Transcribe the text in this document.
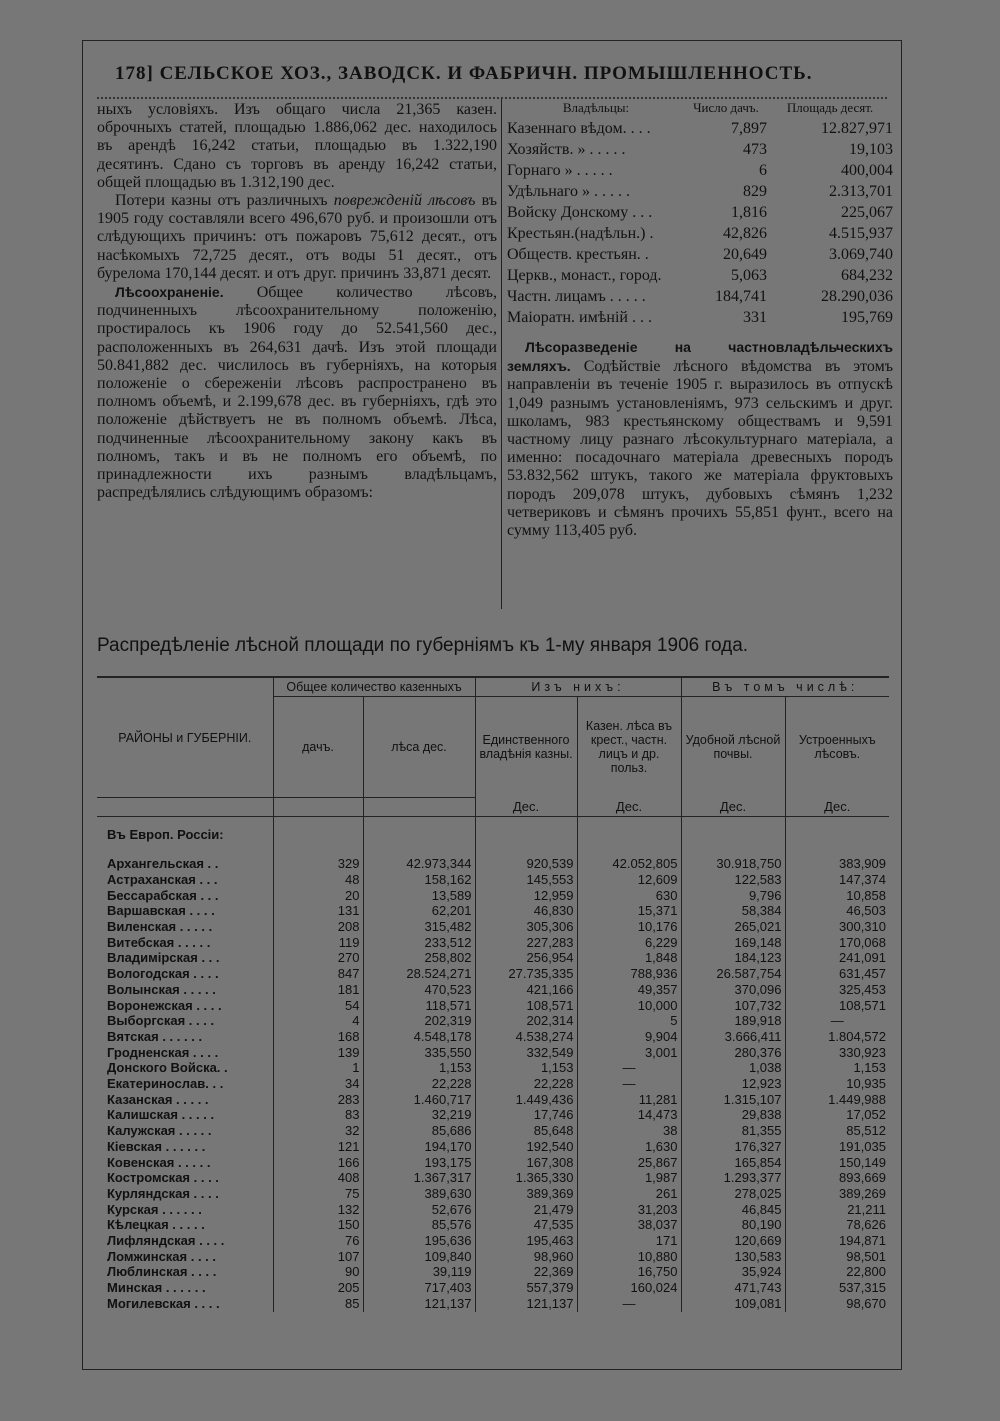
178] СЕЛЬСКОЕ ХОЗ., ЗАВОДСК. И ФАБРИЧН. ПРОМЫШЛЕННОСТЬ.

ныхъ условіяхъ. Изъ общаго числа 21,365 казен. оброчныхъ статей, площадью 1.886,062 дес. находилось въ арендѣ 16,242 статьи, площадью въ 1.322,190 десятинъ. Сдано съ торговъ въ аренду 16,242 статьи, общей площадью въ 1.312,190 дес.

Потери казны отъ различныхъ поврежденій лѣсовъ въ 1905 году составляли всего 496,670 руб. и произошли отъ слѣдующихъ причинъ: отъ пожаровъ 75,612 десят., отъ насѣкомыхъ 72,725 десят., отъ воды 51 десят., отъ бурелома 170,144 десят. и отъ друг. причинъ 33,871 десят.

Лѣсоохраненіе. Общее количество лѣсовъ, подчиненныхъ лѣсоохранительному положенію, простиралось къ 1906 году до 52.541,560 дес., расположенныхъ въ 264,631 дачѣ. Изъ этой площади 50.841,882 дес. числилось въ губерніяхъ, на которыя положеніе о сбереженіи лѣсовъ распространено въ полномъ объемѣ, и 2.199,678 дес. въ губерніяхъ, гдѣ это положеніе дѣйствуетъ не въ полномъ объемѣ. Лѣса, подчиненные лѣсоохранительному закону какъ въ полномъ, такъ и въ не полномъ его объемѣ, по принадлежности ихъ разнымъ владѣльцамъ, распредѣлялись слѣдующимъ образомъ:

Владѣльцы:	Число дачъ.	Площадь десят.
Казеннаго вѣдом. . . .	7,897	12.827,971
Хозяйств. » . . . . .	473	19,103
Горнаго » . . . . .	6	400,004
Удѣльнаго » . . . . .	829	2.313,701
Войску Донскому . . .	1,816	225,067
Крестьян.(надѣльн.) .	42,826	4.515,937
Обществ. крестьян. .	20,649	3.069,740
Церкв., монаст., город.	5,063	684,232
Частн. лицамъ . . . . .	184,741	28.290,036
Маіоратн. имѣній . . .	331	195,769

Лѣсоразведеніе на частновладѣльческихъ земляхъ. Содѣйствіе лѣсного вѣдомства въ этомъ направленіи въ теченіе 1905 г. выразилось въ отпускѣ 1,049 разнымъ установленіямъ, 973 сельскимъ и друг. школамъ, 983 крестьянскому обществамъ и 9,591 частному лицу разнаго лѣсокультурнаго матеріала, а именно: посадочнаго матеріала древесныхъ породъ 53.832,562 штукъ, такого же матеріала фруктовыхъ породъ 209,078 штукъ, дубовыхъ сѣмянъ 1,232 четвериковъ и сѣмянъ прочихъ 55,851 фунт., всего на сумму 113,405 руб.

Распредѣленіе лѣсной площади по губерніямъ къ 1-му января 1906 года.
РАЙОНЫ и ГУБЕРНІИ.	Общее количество казенныхъ		Изъ нихъ:		Въ томъ числѣ:	
	дачъ.	лѣса дес.	Единственного владѣнія казны.	Казен. лѣса въ крест., частн. лицъ и др. польз.	Удобной лѣсной почвы.	Устроенныхъ лѣсовъ.
			Дес.	Дес.	Дес.	Дес.
Въ Европ. Россіи:						
Архангельская . .	329	42.973,344	920,539	42.052,805	30.918,750	383,909
Астраханская . . .	48	158,162	145,553	12,609	122,583	147,374
Бессарабская . . .	20	13,589	12,959	630	9,796	10,858
Варшавская . . . .	131	62,201	46,830	15,371	58,384	46,503
Виленская . . . . .	208	315,482	305,306	10,176	265,021	300,310
Витебская . . . . .	119	233,512	227,283	6,229	169,148	170,068
Владимірская . . .	270	258,802	256,954	1,848	184,123	241,091
Вологодская . . . .	847	28.524,271	27.735,335	788,936	26.587,754	631,457
Волынская . . . . .	181	470,523	421,166	49,357	370,096	325,453
Воронежская . . . .	54	118,571	108,571	10,000	107,732	108,571
Выборгская . . . .	4	202,319	202,314	5	189,918	—
Вятская . . . . . .	168	4.548,178	4.538,274	9,904	3.666,411	1.804,572
Гродненская . . . .	139	335,550	332,549	3,001	280,376	330,923
Донского Войска. .	1	1,153	1,153	—	1,038	1,153
Екатеринослав. . .	34	22,228	22,228	—	12,923	10,935
Казанская . . . . .	283	1.460,717	1.449,436	11,281	1.315,107	1.449,988
Калишская . . . . .	83	32,219	17,746	14,473	29,838	17,052
Калужская . . . . .	32	85,686	85,648	38	81,355	85,512
Кіевская . . . . . .	121	194,170	192,540	1,630	176,327	191,035
Ковенская . . . . .	166	193,175	167,308	25,867	165,854	150,149
Костромская . . . .	408	1.367,317	1.365,330	1,987	1.293,377	893,669
Курляндская . . . .	75	389,630	389,369	261	278,025	389,269
Курская . . . . . .	132	52,676	21,479	31,203	46,845	21,211
Кѣлецкая . . . . .	150	85,576	47,535	38,037	80,190	78,626
Лифляндская . . . .	76	195,636	195,463	171	120,669	194,871
Ломжинская . . . .	107	109,840	98,960	10,880	130,583	98,501
Люблинская . . . .	90	39,119	22,369	16,750	35,924	22,800
Минская . . . . . .	205	717,403	557,379	160,024	471,743	537,315
Могилевская . . . .	85	121,137	121,137	—	109,081	98,670
